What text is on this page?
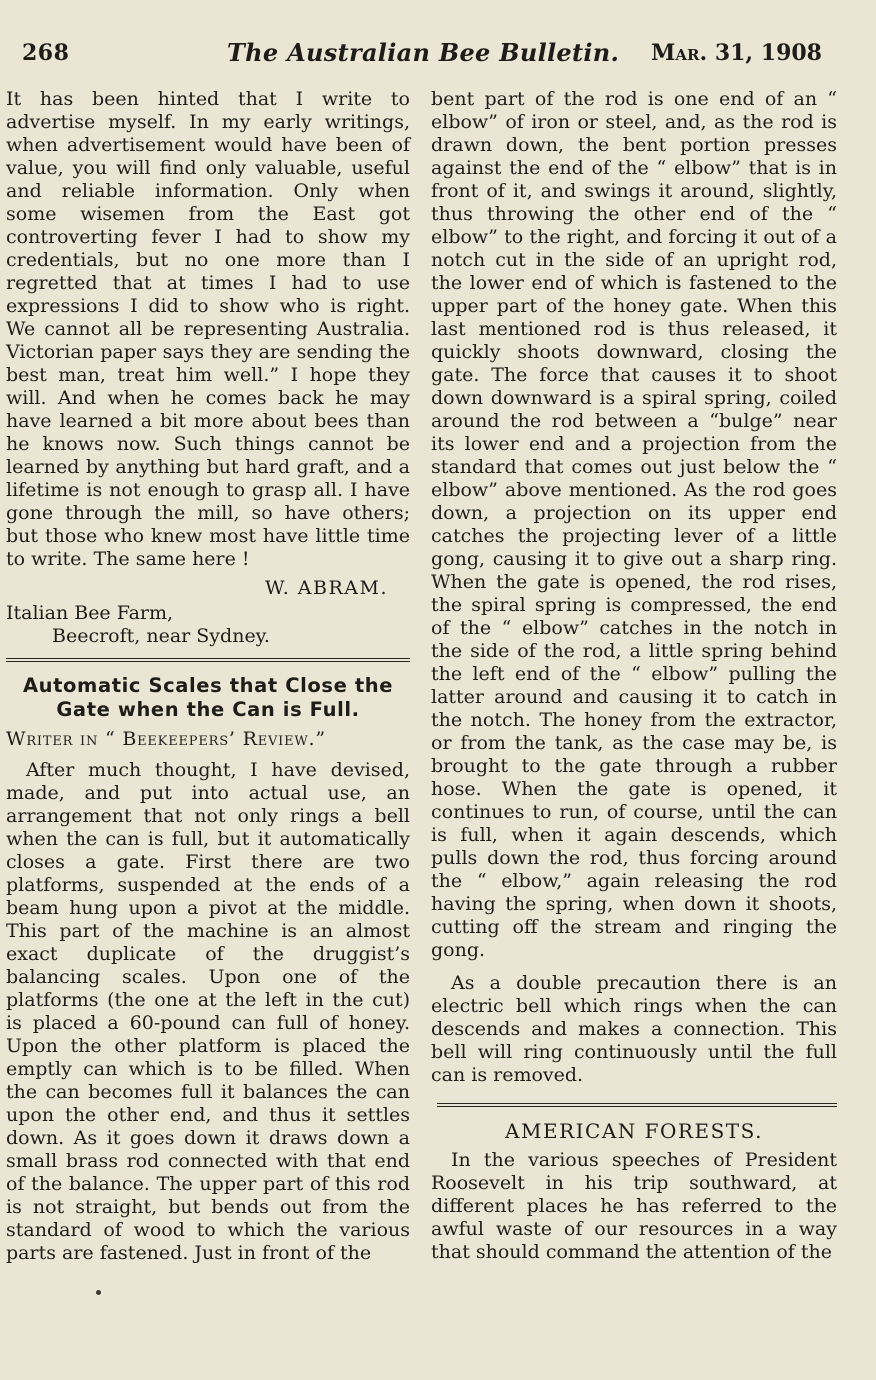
268	The Australian Bee Bulletin. Mar. 31, 1908

It has been hinted that I write to advertise myself. In my early writings, when advertisement would have been of value, you will find only valuable, useful and reliable information. Only when some wisemen from the East got controverting fever I had to show my credentials, but no one more than I regretted that at times I had to use expressions I did to show who is right. We cannot all be representing Australia. Victorian paper says they are sending the best man, treat him well.” I hope they will. And when he comes back he may have learned a bit more about bees than he knows now. Such things cannot be learned by anything but hard graft, and a lifetime is not enough to grasp all. I have gone through the mill, so have others; but those who knew most have little time to write. The same here !

W. ABRAM.

Italian Bee Farm,

Beecroft, near Sydney.

Automatic Scales that Close the Gate when the Can is Full.

Writer in “ Beekeepers’ Review.”

After much thought, I have devised, made, and put into actual use, an arrangement that not only rings a bell when the can is full, but it automatically closes a gate. First there are two platforms, suspended at the ends of a beam hung upon a pivot at the middle. This part of the machine is an almost exact duplicate of the druggist’s balancing scales. Upon one of the platforms (the one at the left in the cut) is placed a 60-pound can full of honey. Upon the other platform is placed the emptly can which is to be filled. When the can becomes full it balances the can upon the other end, and thus it settles down. As it goes down it draws down a small brass rod connected with that end of the balance. The upper part of this rod is not straight, but bends out from the standard of wood to which the various parts are fastened. Just in front of the

bent part of the rod is one end of an “ elbow” of iron or steel, and, as the rod is drawn down, the bent portion presses against the end of the “ elbow” that is in front of it, and swings it around, slightly, thus throwing the other end of the “ elbow” to the right, and forcing it out of a notch cut in the side of an upright rod, the lower end of which is fastened to the upper part of the honey gate. When this last mentioned rod is thus released, it quickly shoots downward, closing the gate. The force that causes it to shoot down downward is a spiral spring, coiled around the rod between a “bulge” near its lower end and a projection from the standard that comes out just below the “ elbow” above mentioned. As the rod goes down, a projection on its upper end catches the projecting lever of a little gong, causing it to give out a sharp ring. When the gate is opened, the rod rises, the spiral spring is compressed, the end of the “ elbow” catches in the notch in the side of the rod, a little spring behind the left end of the “ elbow” pulling the latter around and causing it to catch in the notch. The honey from the extractor, or from the tank, as the case may be, is brought to the gate through a rubber hose. When the gate is opened, it continues to run, of course, until the can is full, when it again descends, which pulls down the rod, thus forcing around the “ elbow,” again releasing the rod having the spring, when down it shoots, cutting off the stream and ringing the gong.

As a double precaution there is an electric bell which rings when the can descends and makes a connection. This bell will ring continuously until the full can is removed.

AMERICAN FORESTS.

In the various speeches of President Roosevelt in his trip southward, at different places he has referred to the awful waste of our resources in a way that should command the attention of the
